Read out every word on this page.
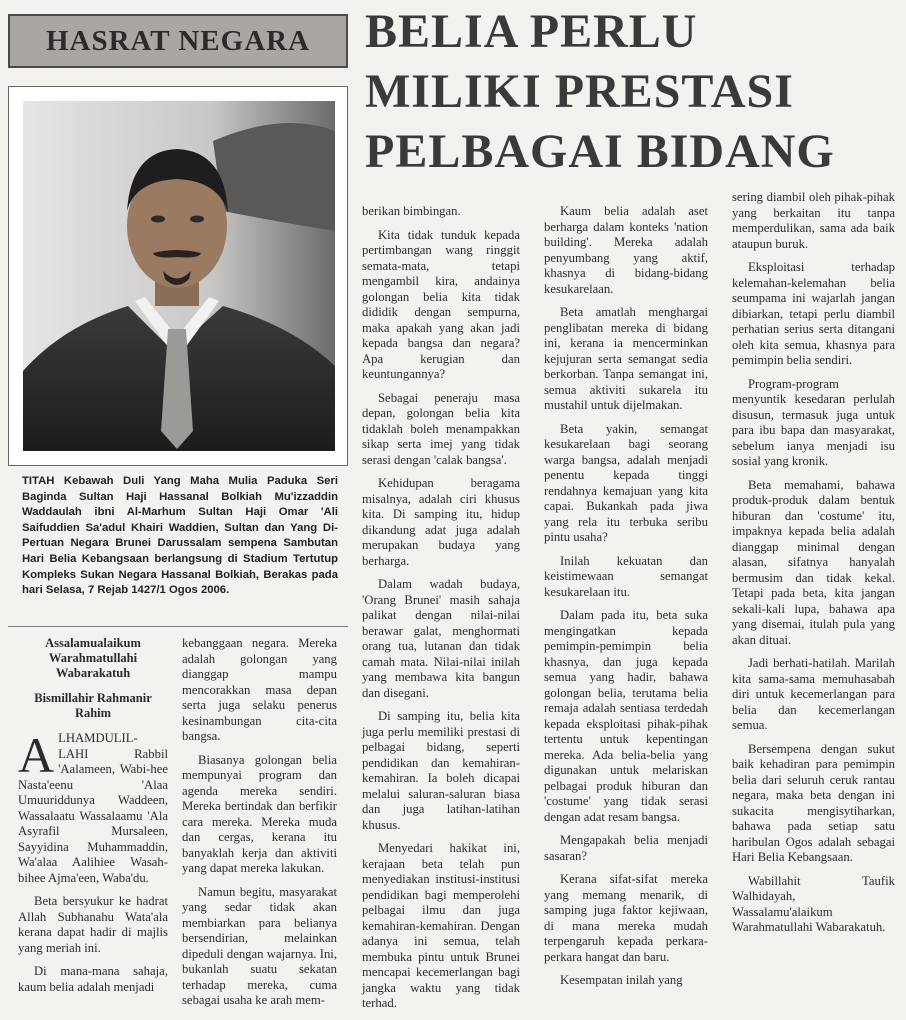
HASRAT NEGARA BELIA PERLU
MILIKI PRESTASI
PELBAGAI BIDANG
TITAH Kebawah Duli Yang Maha Mulia Paduka Seri Baginda Sultan Haji Hassanal Bolkiah Mu'izzaddin Waddaulah ibni Al-Marhum Sultan Haji Omar 'Ali Saifuddien Sa'adul Khairi Waddien, Sultan dan Yang Di-Pertuan Negara Brunei Darussalam sempena Sambutan Hari Belia Kebangsaan berlangsung di Stadium Tertutup Kompleks Sukan Negara Hassanal Bolkiah, Berakas pada hari Selasa, 7 Rejab 1427/1 Ogos 2006.
Assalamualaikum Warahmatullahi Wabarakatuh
Bismillahir Rahmanir Rahim

ALHAMDULIL-LAHI Rabbil 'Aalameen, Wabi-hee Nasta'eenu 'Alaa Umuuriddunya Waddeen, Wassalaatu Wassalaamu 'Ala Asyrafil Mursaleen, Sayyidina Muhammaddin, Wa'alaa Aalihiee Wasah-bihee Ajma'een, Waba'du.

Beta bersyukur ke hadrat Allah Subhanahu Wata'ala kerana dapat hadir di majlis yang meriah ini.

Di mana-mana sahaja, kaum belia adalah menjadi

kebanggaan negara. Mereka adalah golongan yang dianggap mampu mencorakkan masa depan serta juga selaku penerus kesinambungan cita-cita bangsa.

Biasanya golongan belia mempunyai program dan agenda mereka sendiri. Mereka bertindak dan berfikir cara mereka. Mereka muda dan cergas, kerana itu banyaklah kerja dan aktiviti yang dapat mereka lakukan.

Namun begitu, masyarakat yang sedar tidak akan membiarkan para belianya bersendirian, melainkan dipeduli dengan wajarnya. Ini, bukanlah suatu sekatan terhadap mereka, cuma sebagai usaha ke arah mem-

berikan bimbingan.

Kita tidak tunduk kepada pertimbangan wang ringgit semata-mata, tetapi mengambil kira, andainya golongan belia kita tidak dididik dengan sempurna, maka apakah yang akan jadi kepada bangsa dan negara? Apa kerugian dan keuntungannya?

Sebagai peneraju masa depan, golongan belia kita tidaklah boleh menampakkan sikap serta imej yang tidak serasi dengan 'calak bangsa'.

Kehidupan beragama misalnya, adalah ciri khusus kita. Di samping itu, hidup dikandung adat juga adalah merupakan budaya yang berharga.

Dalam wadah budaya, 'Orang Brunei' masih sahaja palikat dengan nilai-nilai berawar galat, menghormati orang tua, lutanan dan tidak camah mata. Nilai-nilai inilah yang membawa kita bangun dan disegani.

Di samping itu, belia kita juga perlu memiliki prestasi di pelbagai bidang, seperti pendidikan dan kemahiran-kemahiran. Ia boleh dicapai melalui saluran-saluran biasa dan juga latihan-latihan khusus.

Menyedari hakikat ini, kerajaan beta telah pun menyediakan institusi-institusi pendidikan bagi memperolehi pelbagai ilmu dan juga kemahiran-kemahiran. Dengan adanya ini semua, telah membuka pintu untuk Brunei mencapai kecemerlangan bagi jangka waktu yang tidak terhad.

Kaum belia adalah aset berharga dalam konteks 'nation building'. Mereka adalah penyumbang yang aktif, khasnya di bidang-bidang kesukarelaan.

Beta amatlah menghargai penglibatan mereka di bidang ini, kerana ia mencerminkan kejujuran serta semangat sedia berkorban. Tanpa semangat ini, semua aktiviti sukarela itu mustahil untuk dijelmakan.

Beta yakin, semangat kesukarelaan bagi seorang warga bangsa, adalah menjadi penentu kepada tinggi rendahnya kemajuan yang kita capai. Bukankah pada jiwa yang rela itu terbuka seribu pintu usaha?

Inilah kekuatan dan keistimewaan semangat kesukarelaan itu.

Dalam pada itu, beta suka mengingatkan kepada pemimpin-pemimpin belia khasnya, dan juga kepada semua yang hadir, bahawa golongan belia, terutama belia remaja adalah sentiasa terdedah kepada eksploitasi pihak-pihak tertentu untuk kepentingan mereka. Ada belia-belia yang digunakan untuk melariskan pelbagai produk hiburan dan 'costume' yang tidak serasi dengan adat resam bangsa.

Mengapakah belia menjadi sasaran?

Kerana sifat-sifat mereka yang memang menarik, di samping juga faktor kejiwaan, di mana mereka mudah terpengaruh kepada perkara-perkara hangat dan baru.

Kesempatan inilah yang

sering diambil oleh pihak-pihak yang berkaitan itu tanpa memperdulikan, sama ada baik ataupun buruk.

Eksploitasi terhadap kelemahan-kelemahan belia seumpama ini wajarlah jangan dibiarkan, tetapi perlu diambil perhatian serius serta ditangani oleh kita semua, khasnya para pemimpin belia sendiri.

Program-program menyuntik kesedaran perlulah disusun, termasuk juga untuk para ibu bapa dan masyarakat, sebelum ianya menjadi isu sosial yang kronik.

Beta memahami, bahawa produk-produk dalam bentuk hiburan dan 'costume' itu, impaknya kepada belia adalah dianggap minimal dengan alasan, sifatnya hanyalah bermusim dan tidak kekal. Tetapi pada beta, kita jangan sekali-kali lupa, bahawa apa yang disemai, itulah pula yang akan dituai.

Jadi berhati-hatilah. Marilah kita sama-sama memuhasabah diri untuk kecemerlangan para belia dan kecemerlangan semua.

Bersempena dengan sukut baik kehadiran para pemimpin belia dari seluruh ceruk rantau negara, maka beta dengan ini sukacita mengisytiharkan, bahawa pada setiap satu haribulan Ogos adalah sebagai Hari Belia Kebangsaan.

Wabillahit Taufik Walhidayah, Wassalamu'alaikum Warahmatullahi Wabarakatuh.
